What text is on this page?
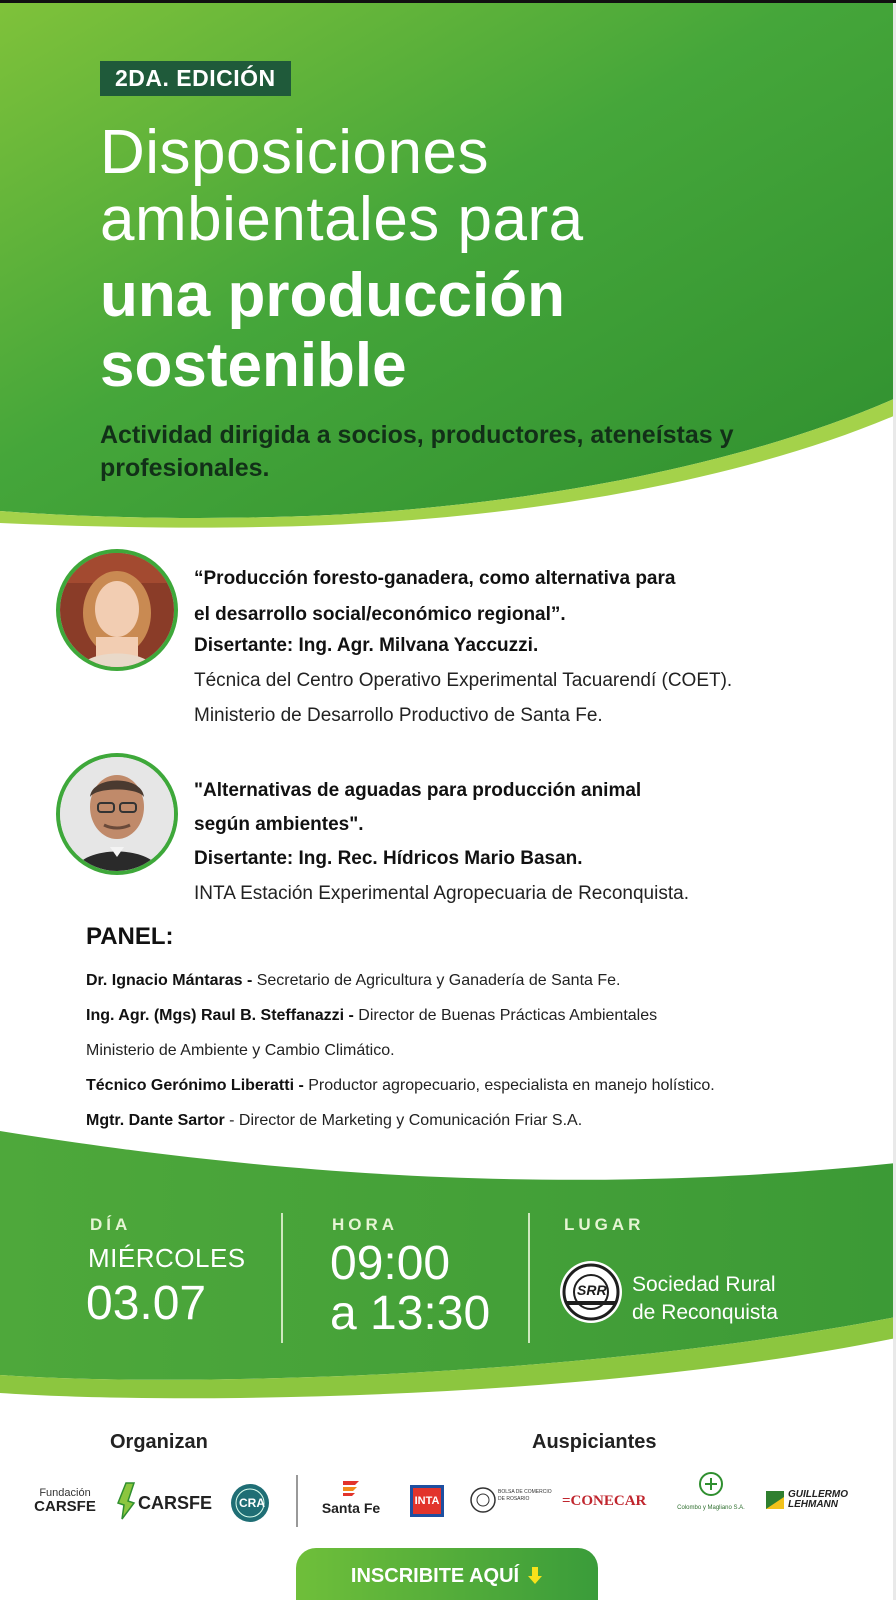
2DA. EDICIÓN
Disposiciones
ambientales para
una producción
sostenible
Actividad dirigida a socios, productores, ateneístas y profesionales.
“Producción foresto-ganadera, como alternativa para
el desarrollo social/económico regional”.
Disertante: Ing. Agr. Milvana Yaccuzzi.
Técnica del Centro Operativo Experimental Tacuarendí (COET).
Ministerio de Desarrollo Productivo de Santa Fe.
"Alternativas de aguadas para producción animal
según ambientes".
Disertante: Ing. Rec. Hídricos Mario Basan.
INTA Estación Experimental Agropecuaria de Reconquista.
PANEL:
Dr. Ignacio Mántaras - Secretario de Agricultura y Ganadería de Santa Fe.
Ing. Agr. (Mgs) Raul B. Steffanazzi - Director de Buenas Prácticas Ambientales
Ministerio de Ambiente y Cambio Climático.
Técnico Gerónimo Liberatti - Productor agropecuario, especialista en manejo holístico.
Mgtr. Dante Sartor - Director de Marketing y Comunicación Friar S.A.
DÍA
MIÉRCOLES
03.07
HORA
09:00
a 13:30
LUGAR
SRR Sociedad Rural
de Reconquista
Organizan	Auspiciantes
Fundación
CARSFE CARSFE CRA	Santa Fe	INTA
BOLSA DE COMERCIO DE ROSARIO	=CONECAR	Colombo y Magliano S.A.
GUILLERMO
LEHMANN
INSCRIBITE AQUÍ
